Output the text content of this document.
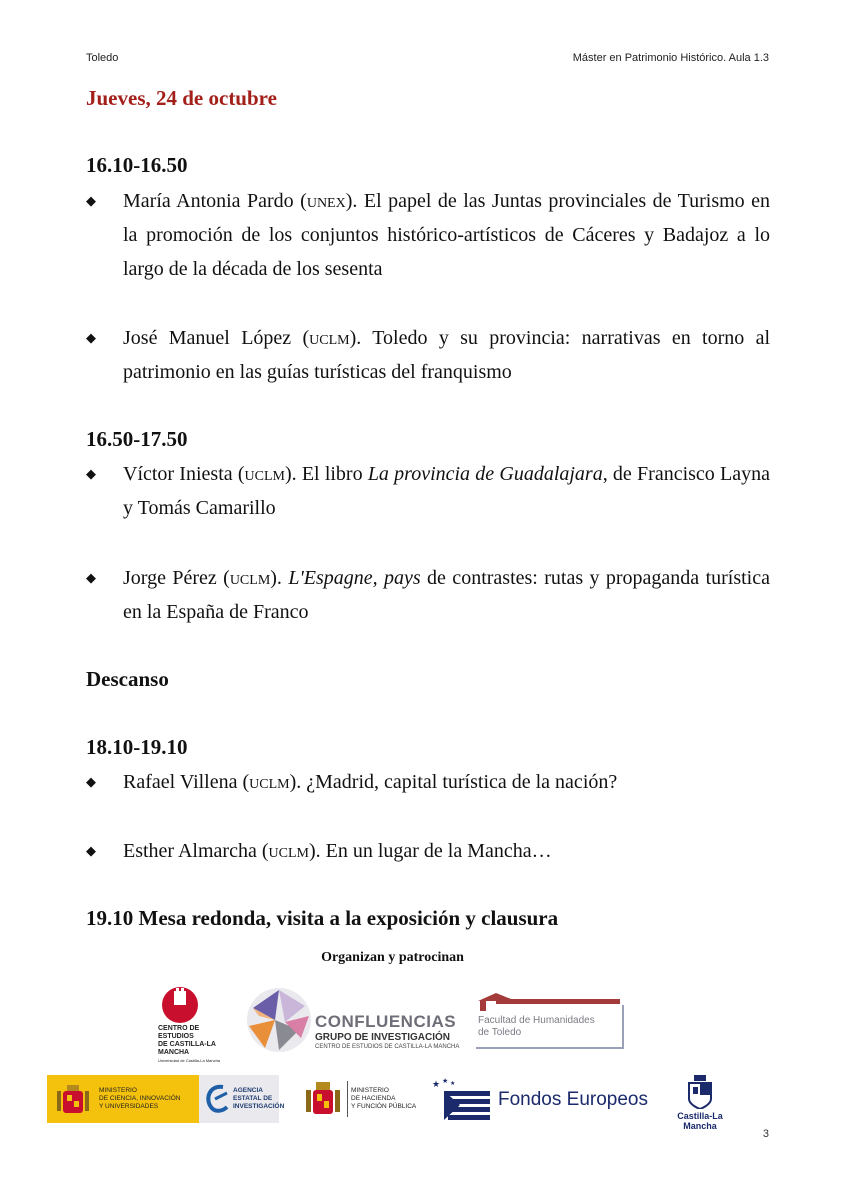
Toledo	Máster en Patrimonio Histórico. Aula 1.3
Jueves, 24 de octubre
16.10-16.50
◆ María Antonia Pardo (unex). El papel de las Juntas provinciales de Turismo en la promoción de los conjuntos histórico-artísticos de Cáceres y Badajoz a lo largo de la década de los sesenta
◆ José Manuel López (uclm). Toledo y su provincia: narrativas en torno al patrimonio en las guías turísticas del franquismo
16.50-17.50
◆ Víctor Iniesta (uclm). El libro La provincia de Guadalajara, de Francisco Layna y Tomás Camarillo
◆ Jorge Pérez (uclm). L'Espagne, pays de contrastes: rutas y propaganda turística en la España de Franco
Descanso
18.10-19.10
◆ Rafael Villena (uclm). ¿Madrid, capital turística de la nación?
◆ Esther Almarcha (uclm). En un lugar de la Mancha…
19.10 Mesa redonda, visita a la exposición y clausura
Organizan y patrocinan
CENTRO DE ESTUDIOS
DE CASTILLA-LA MANCHA
Universidad de Castilla-La Mancha
CONFLUENCIAS
GRUPO DE INVESTIGACIÓN
CENTRO DE ESTUDIOS DE CASTILLA-LA MANCHA
Facultad de Humanidades
de Toledo
MINISTERIO
DE CIENCIA, INNOVACIÓN
Y UNIVERSIDADES
AGENCIA
ESTATAL DE
INVESTIGACIÓN
MINISTERIO
DE HACIENDA
Y FUNCIÓN PÚBLICA
★ ★ ★
Fondos Europeos
Castilla-La Mancha
3
